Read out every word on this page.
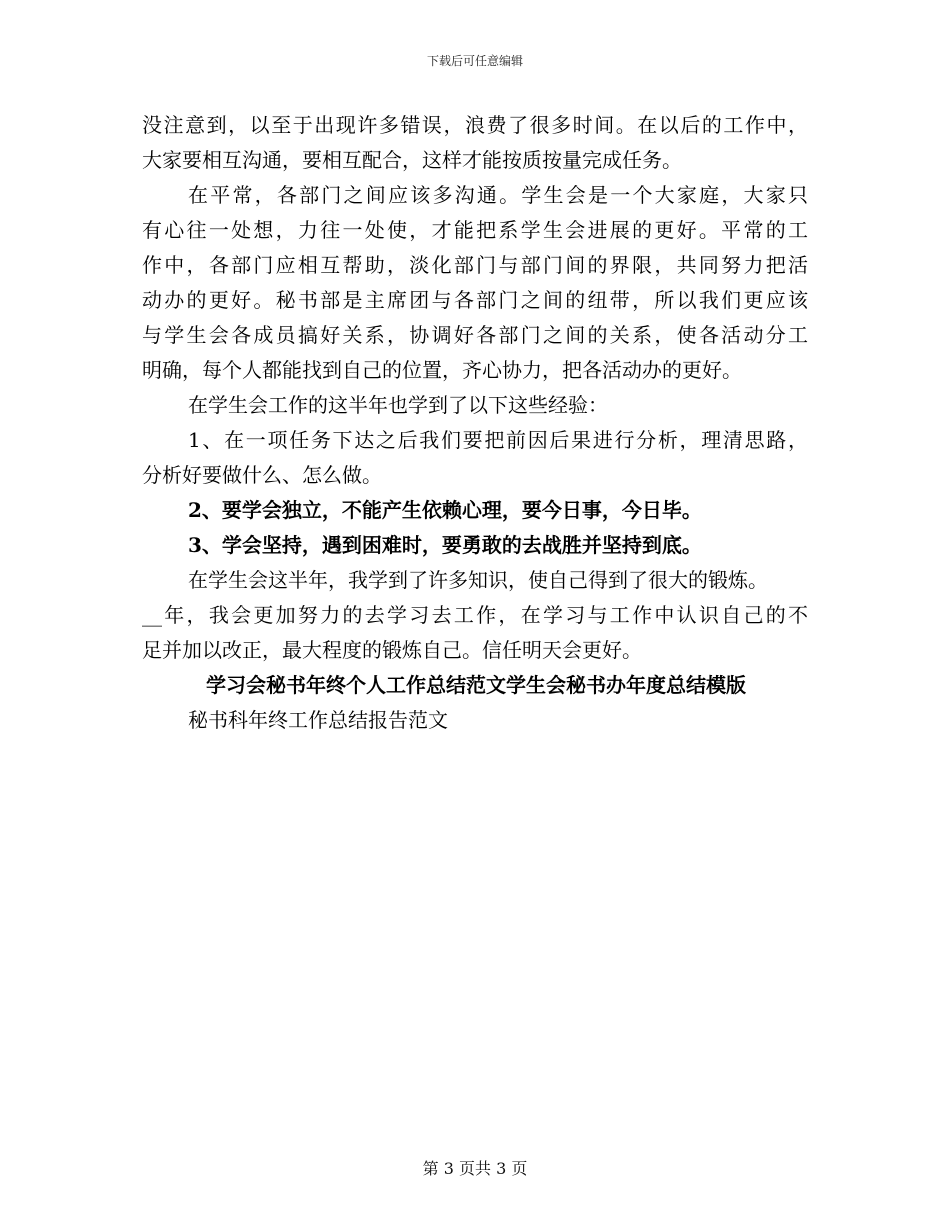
下载后可任意编辑
没注意到，以至于出现许多错误，浪费了很多时间。在以后的工作中，
大家要相互沟通，要相互配合，这样才能按质按量完成任务。
在平常，各部门之间应该多沟通。学生会是一个大家庭，大家只
有心往一处想，力往一处使，才能把系学生会进展的更好。平常的工
作中，各部门应相互帮助，淡化部门与部门间的界限，共同努力把活
动办的更好。秘书部是主席团与各部门之间的纽带，所以我们更应该
与学生会各成员搞好关系，协调好各部门之间的关系，使各活动分工
明确，每个人都能找到自己的位置，齐心协力，把各活动办的更好。
在学生会工作的这半年也学到了以下这些经验：
1、在一项任务下达之后我们要把前因后果进行分析，理清思路，
分析好要做什么、怎么做。
2、要学会独立，不能产生依赖心理，要今日事，今日毕。
3、学会坚持，遇到困难时，要勇敢的去战胜并坚持到底。
在学生会这半年，我学到了许多知识，使自己得到了很大的锻炼。
__年，我会更加努力的去学习去工作，在学习与工作中认识自己的不
足并加以改正，最大程度的锻炼自己。信任明天会更好。
学习会秘书年终个人工作总结范文学生会秘书办年度总结模版
秘书科年终工作总结报告范文
第 3 页共 3 页
